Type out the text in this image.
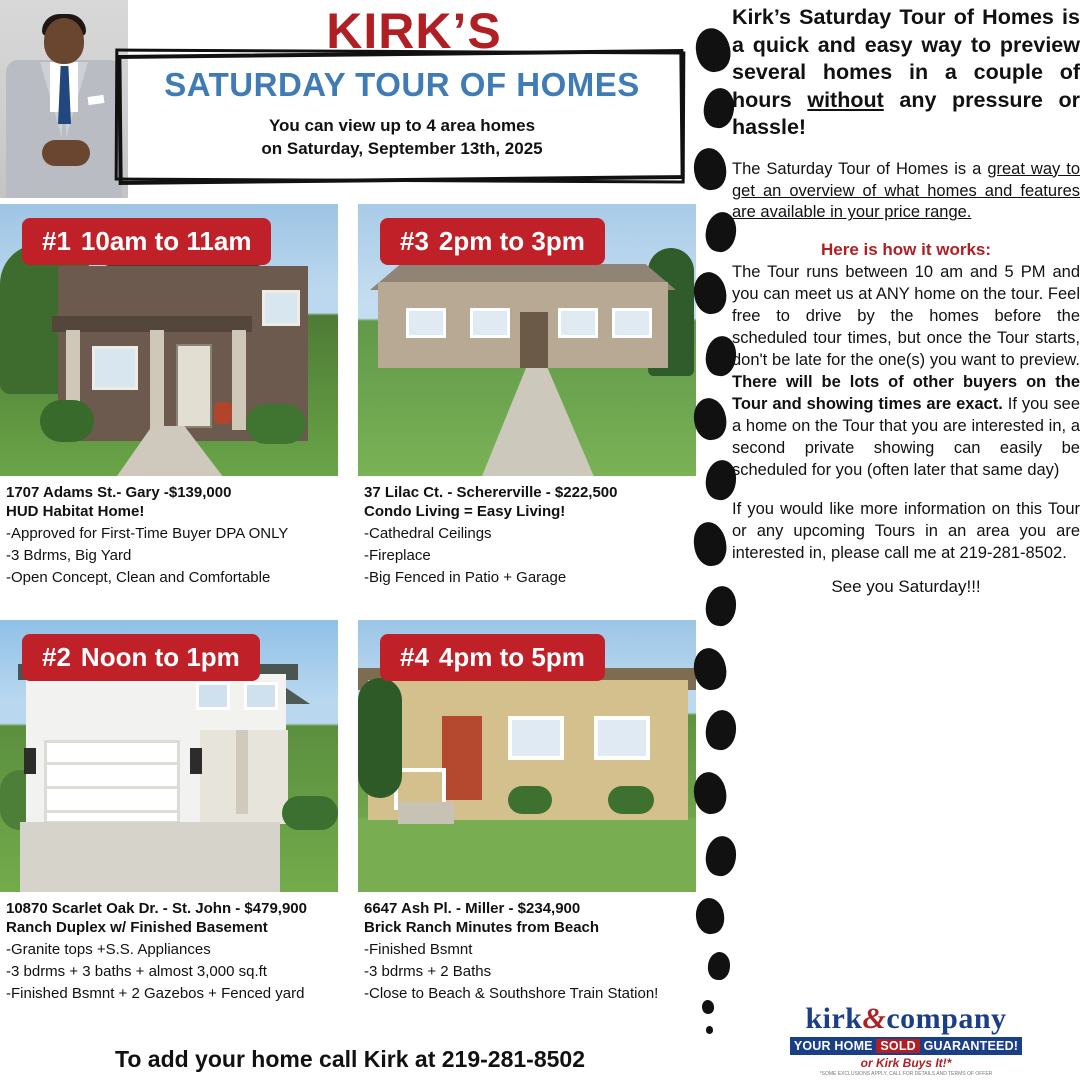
KIRK’S
SATURDAY TOUR OF HOMES
You can view up to 4 area homes
on Saturday, September 13th, 2025
#1 10am to 11am
1707 Adams St.- Gary -$139,000
HUD Habitat Home!
-Approved for First-Time Buyer DPA ONLY
-3 Bdrms, Big Yard
-Open Concept, Clean and Comfortable
#3 2pm to 3pm
37 Lilac Ct. - Schererville - $222,500
Condo Living = Easy Living!
-Cathedral Ceilings
-Fireplace
-Big Fenced in Patio + Garage
#2 Noon to 1pm
10870 Scarlet Oak Dr. - St. John - $479,900
Ranch Duplex w/ Finished Basement
-Granite tops +S.S. Appliances
-3 bdrms + 3 baths + almost 3,000 sq.ft
-Finished Bsmnt + 2 Gazebos + Fenced yard
#4 4pm to 5pm
6647 Ash Pl. - Miller - $234,900
Brick Ranch Minutes from Beach
-Finished Bsmnt
-3 bdrms + 2 Baths
-Close to Beach & Southshore Train Station!
Kirk’s Saturday Tour of Homes is a quick and easy way to preview several homes in a couple of hours without any pressure or hassle!
The Saturday Tour of Homes is a great way to get an overview of what homes and features are available in your price range.
Here is how it works:
The Tour runs between 10 am and 5 PM and you can meet us at ANY home on the tour. Feel free to drive by the homes before the scheduled tour times, but once the Tour starts, don't be late for the one(s) you want to preview. There will be lots of other buyers on the Tour and showing times are exact. If you see a home on the Tour that you are interested in, a second private showing can easily be scheduled for you (often later that same day)
If you would like more information on this Tour or any upcoming Tours in an area you are interested in, please call me at 219-281-8502.
See you Saturday!!!
kirk&company
YOUR HOME SOLD GUARANTEED!
or Kirk Buys It!*
*SOME EXCLUSIONS APPLY, CALL FOR DETAILS AND TERMS OF OFFER
To add your home call Kirk at 219-281-8502
